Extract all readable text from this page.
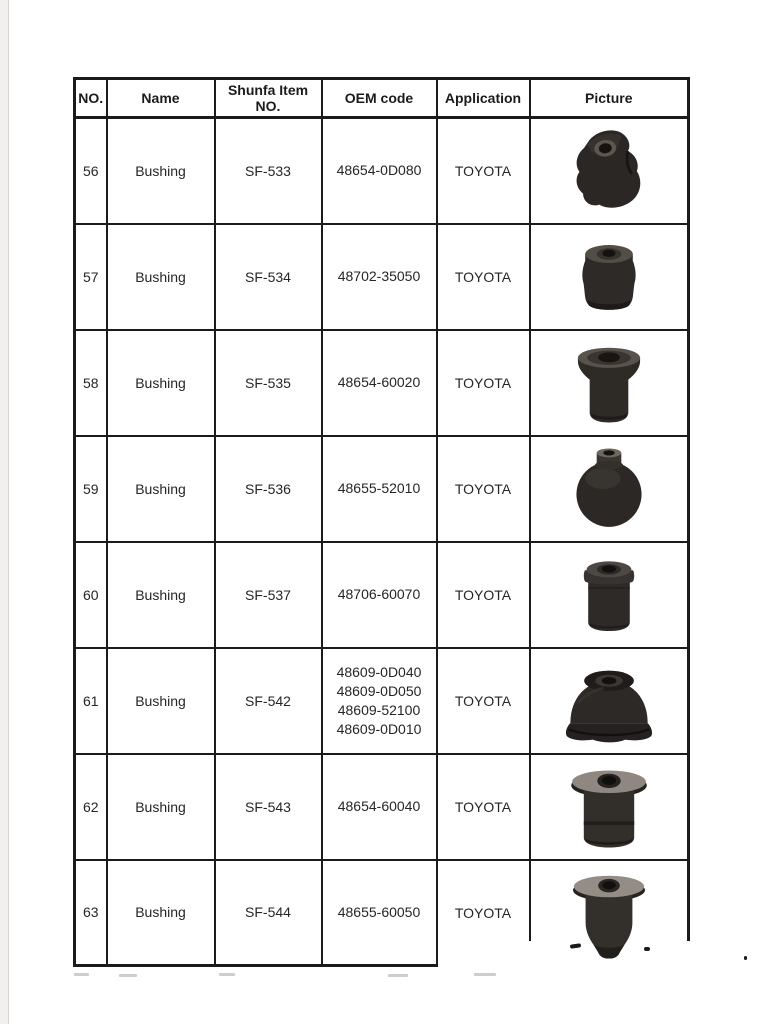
NO.	Name	Shunfa Item NO.	OEM code	Application	Picture
56	Bushing	SF-533	48654-0D080	TOYOTA	

57	Bushing	SF-534	48702-35050	TOYOTA	

58	Bushing	SF-535	48654-60020	TOYOTA	

59	Bushing	SF-536	48655-52010	TOYOTA	

60	Bushing	SF-537	48706-60070	TOYOTA	

61	Bushing	SF-542	48609-0D040
48609-0D050
48609-52100
48609-0D010	TOYOTA	

62	Bushing	SF-543	48654-60040	TOYOTA	

63	Bushing	SF-544	48655-60050	TOYOTA	
